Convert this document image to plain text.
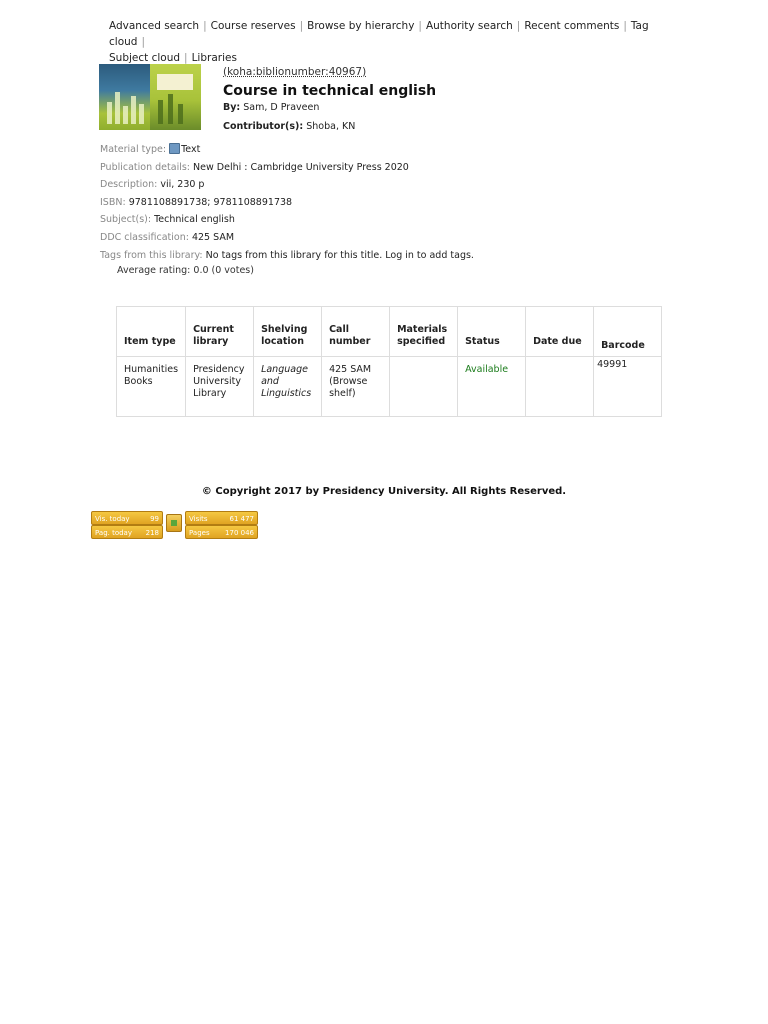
Advanced search | Course reserves | Browse by hierarchy | Authority search | Recent comments | Tag cloud |
Subject cloud | Libraries
(koha:biblionumber:40967)
Course in technical english
By: Sam, D Praveen
Contributor(s): Shoba, KN
Material type: Text
Publication details: New Delhi : Cambridge University Press 2020
Description: vii, 230 p
ISBN: 9781108891738; 9781108891738
Subject(s): Technical english
DDC classification: 425 SAM
Tags from this library: No tags from this library for this title. Log in to add tags.
Average rating: 0.0 (0 votes)
Item type	Current library	Shelving location	Call number	Materials specified	Status	Date due	Barcode
Humanities Books	Presidency University Library	Language and Linguistics	425 SAM (Browse shelf)		Available		49991
© Copyright 2017 by Presidency University. All Rights Reserved.
Vis. today	99
Pag. today 218
Visits	61 477
Pages 170 046
